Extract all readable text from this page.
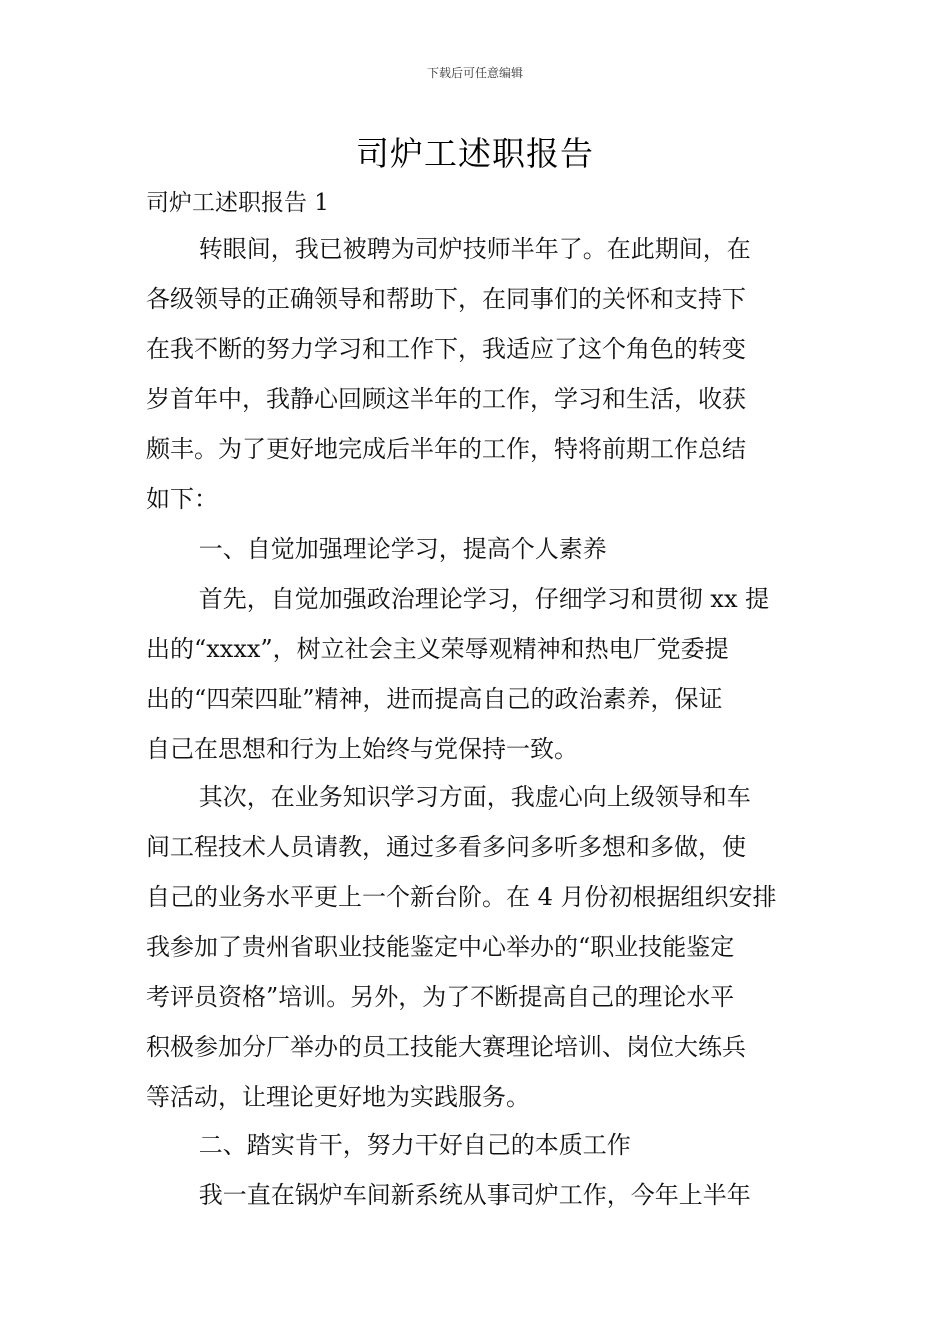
下载后可任意编辑
司炉工述职报告
司炉工述职报告 1
转眼间，我已被聘为司炉技师半年了。在此期间，在
各级领导的正确领导和帮助下，在同事们的关怀和支持下
在我不断的努力学习和工作下，我适应了这个角色的转变
岁首年中，我静心回顾这半年的工作，学习和生活，收获
颇丰。为了更好地完成后半年的工作，特将前期工作总结
如下：
一、自觉加强理论学习，提高个人素养
首先，自觉加强政治理论学习，仔细学习和贯彻 xx 提
出的“xxxx”，树立社会主义荣辱观精神和热电厂党委提
出的“四荣四耻”精神，进而提高自己的政治素养，保证
自己在思想和行为上始终与党保持一致。
其次，在业务知识学习方面，我虚心向上级领导和车
间工程技术人员请教，通过多看多问多听多想和多做，使
自己的业务水平更上一个新台阶。在 4 月份初根据组织安排
我参加了贵州省职业技能鉴定中心举办的“职业技能鉴定
考评员资格”培训。另外，为了不断提高自己的理论水平
积极参加分厂举办的员工技能大赛理论培训、岗位大练兵
等活动，让理论更好地为实践服务。
二、踏实肯干，努力干好自己的本质工作
我一直在锅炉车间新系统从事司炉工作，今年上半年
